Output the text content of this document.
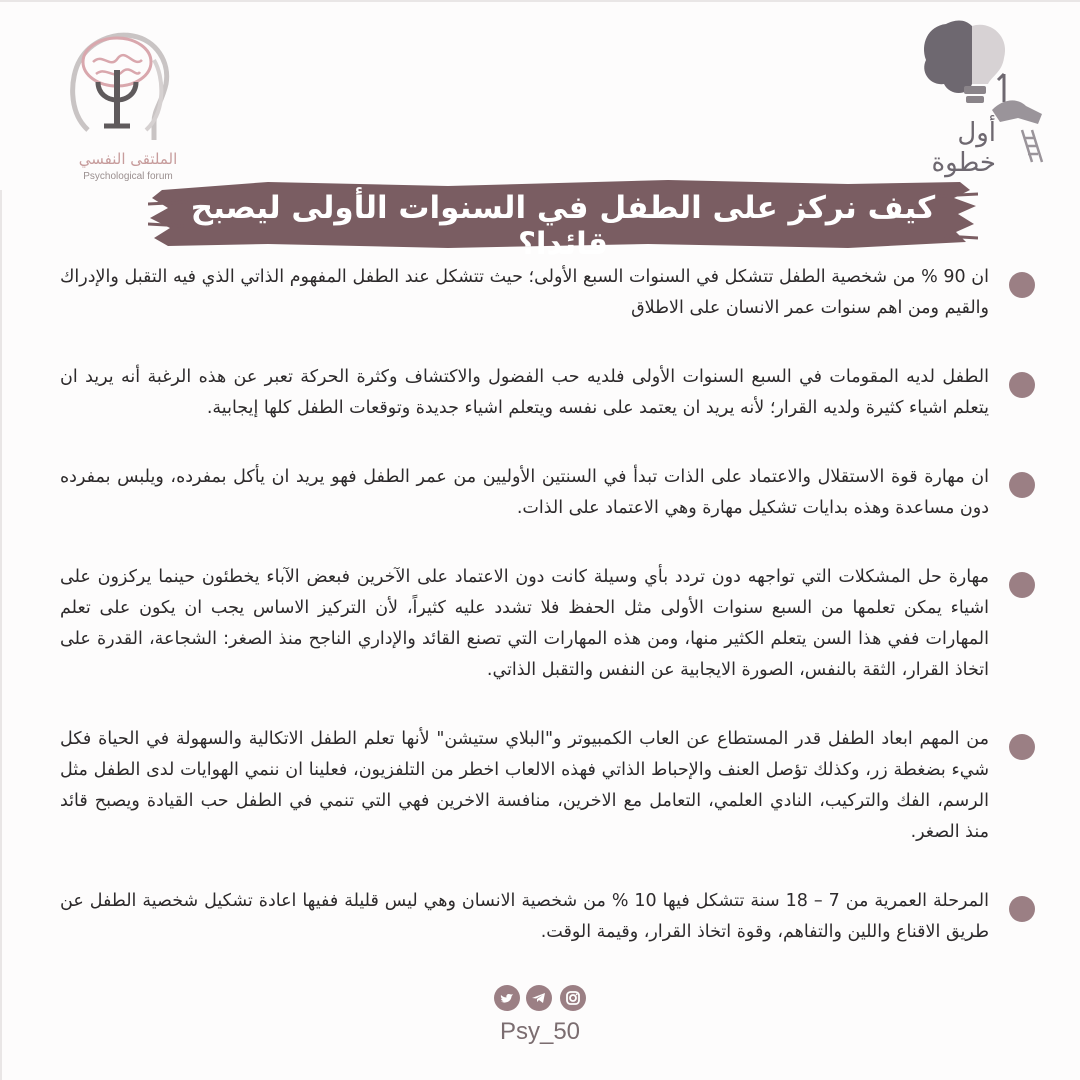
الملتقى النفسي
Psychological forum
أول خطوة
كيف نركز على الطفل في السنوات الأولى ليصبح قائدا؟
ان 90 % من شخصية الطفل تتشكل في السنوات السبع الأولى؛ حيث تتشكل عند الطفل المفهوم الذاتي الذي فيه التقبل والإدراك والقيم ومن اهم سنوات عمر الانسان على الاطلاق
الطفل لديه المقومات في السبع السنوات الأولى فلديه حب الفضول والاكتشاف وكثرة الحركة تعبر عن هذه الرغبة أنه يريد ان يتعلم اشياء كثيرة ولديه القرار؛ لأنه يريد ان يعتمد على نفسه ويتعلم اشياء جديدة وتوقعات الطفل كلها إيجابية.
ان مهارة قوة الاستقلال والاعتماد على الذات تبدأ في السنتين الأوليين من عمر الطفل فهو يريد ان يأكل بمفرده، ويلبس بمفرده دون مساعدة وهذه بدايات تشكيل مهارة وهي الاعتماد على الذات.
مهارة حل المشكلات التي تواجهه دون تردد بأي وسيلة كانت دون الاعتماد على الآخرين فبعض الآباء يخطئون حينما يركزون على اشياء يمكن تعلمها من السبع سنوات الأولى مثل الحفظ فلا تشدد عليه كثيراً، لأن التركيز الاساس يجب ان يكون على تعلم المهارات ففي هذا السن يتعلم الكثير منها، ومن هذه المهارات التي تصنع القائد والإداري الناجح منذ الصغر: الشجاعة، القدرة على اتخاذ القرار، الثقة بالنفس، الصورة الايجابية عن النفس والتقبل الذاتي.
من المهم ابعاد الطفل قدر المستطاع عن العاب الكمبيوتر و"البلاي ستيشن" لأنها تعلم الطفل الاتكالية والسهولة في الحياة فكل شيء بضغطة زر، وكذلك تؤصل العنف والإحباط الذاتي فهذه الالعاب اخطر من التلفزيون، فعلينا ان ننمي الهوايات لدى الطفل مثل الرسم، الفك والتركيب، النادي العلمي، التعامل مع الاخرين، منافسة الاخرين فهي التي تنمي في الطفل حب القيادة ويصبح قائد منذ الصغر.
المرحلة العمرية من 7 – 18 سنة تتشكل فيها 10 % من شخصية الانسان وهي ليس قليلة ففيها اعادة تشكيل شخصية الطفل عن طريق الاقناع واللين والتفاهم، وقوة اتخاذ القرار، وقيمة الوقت.
Psy_50
